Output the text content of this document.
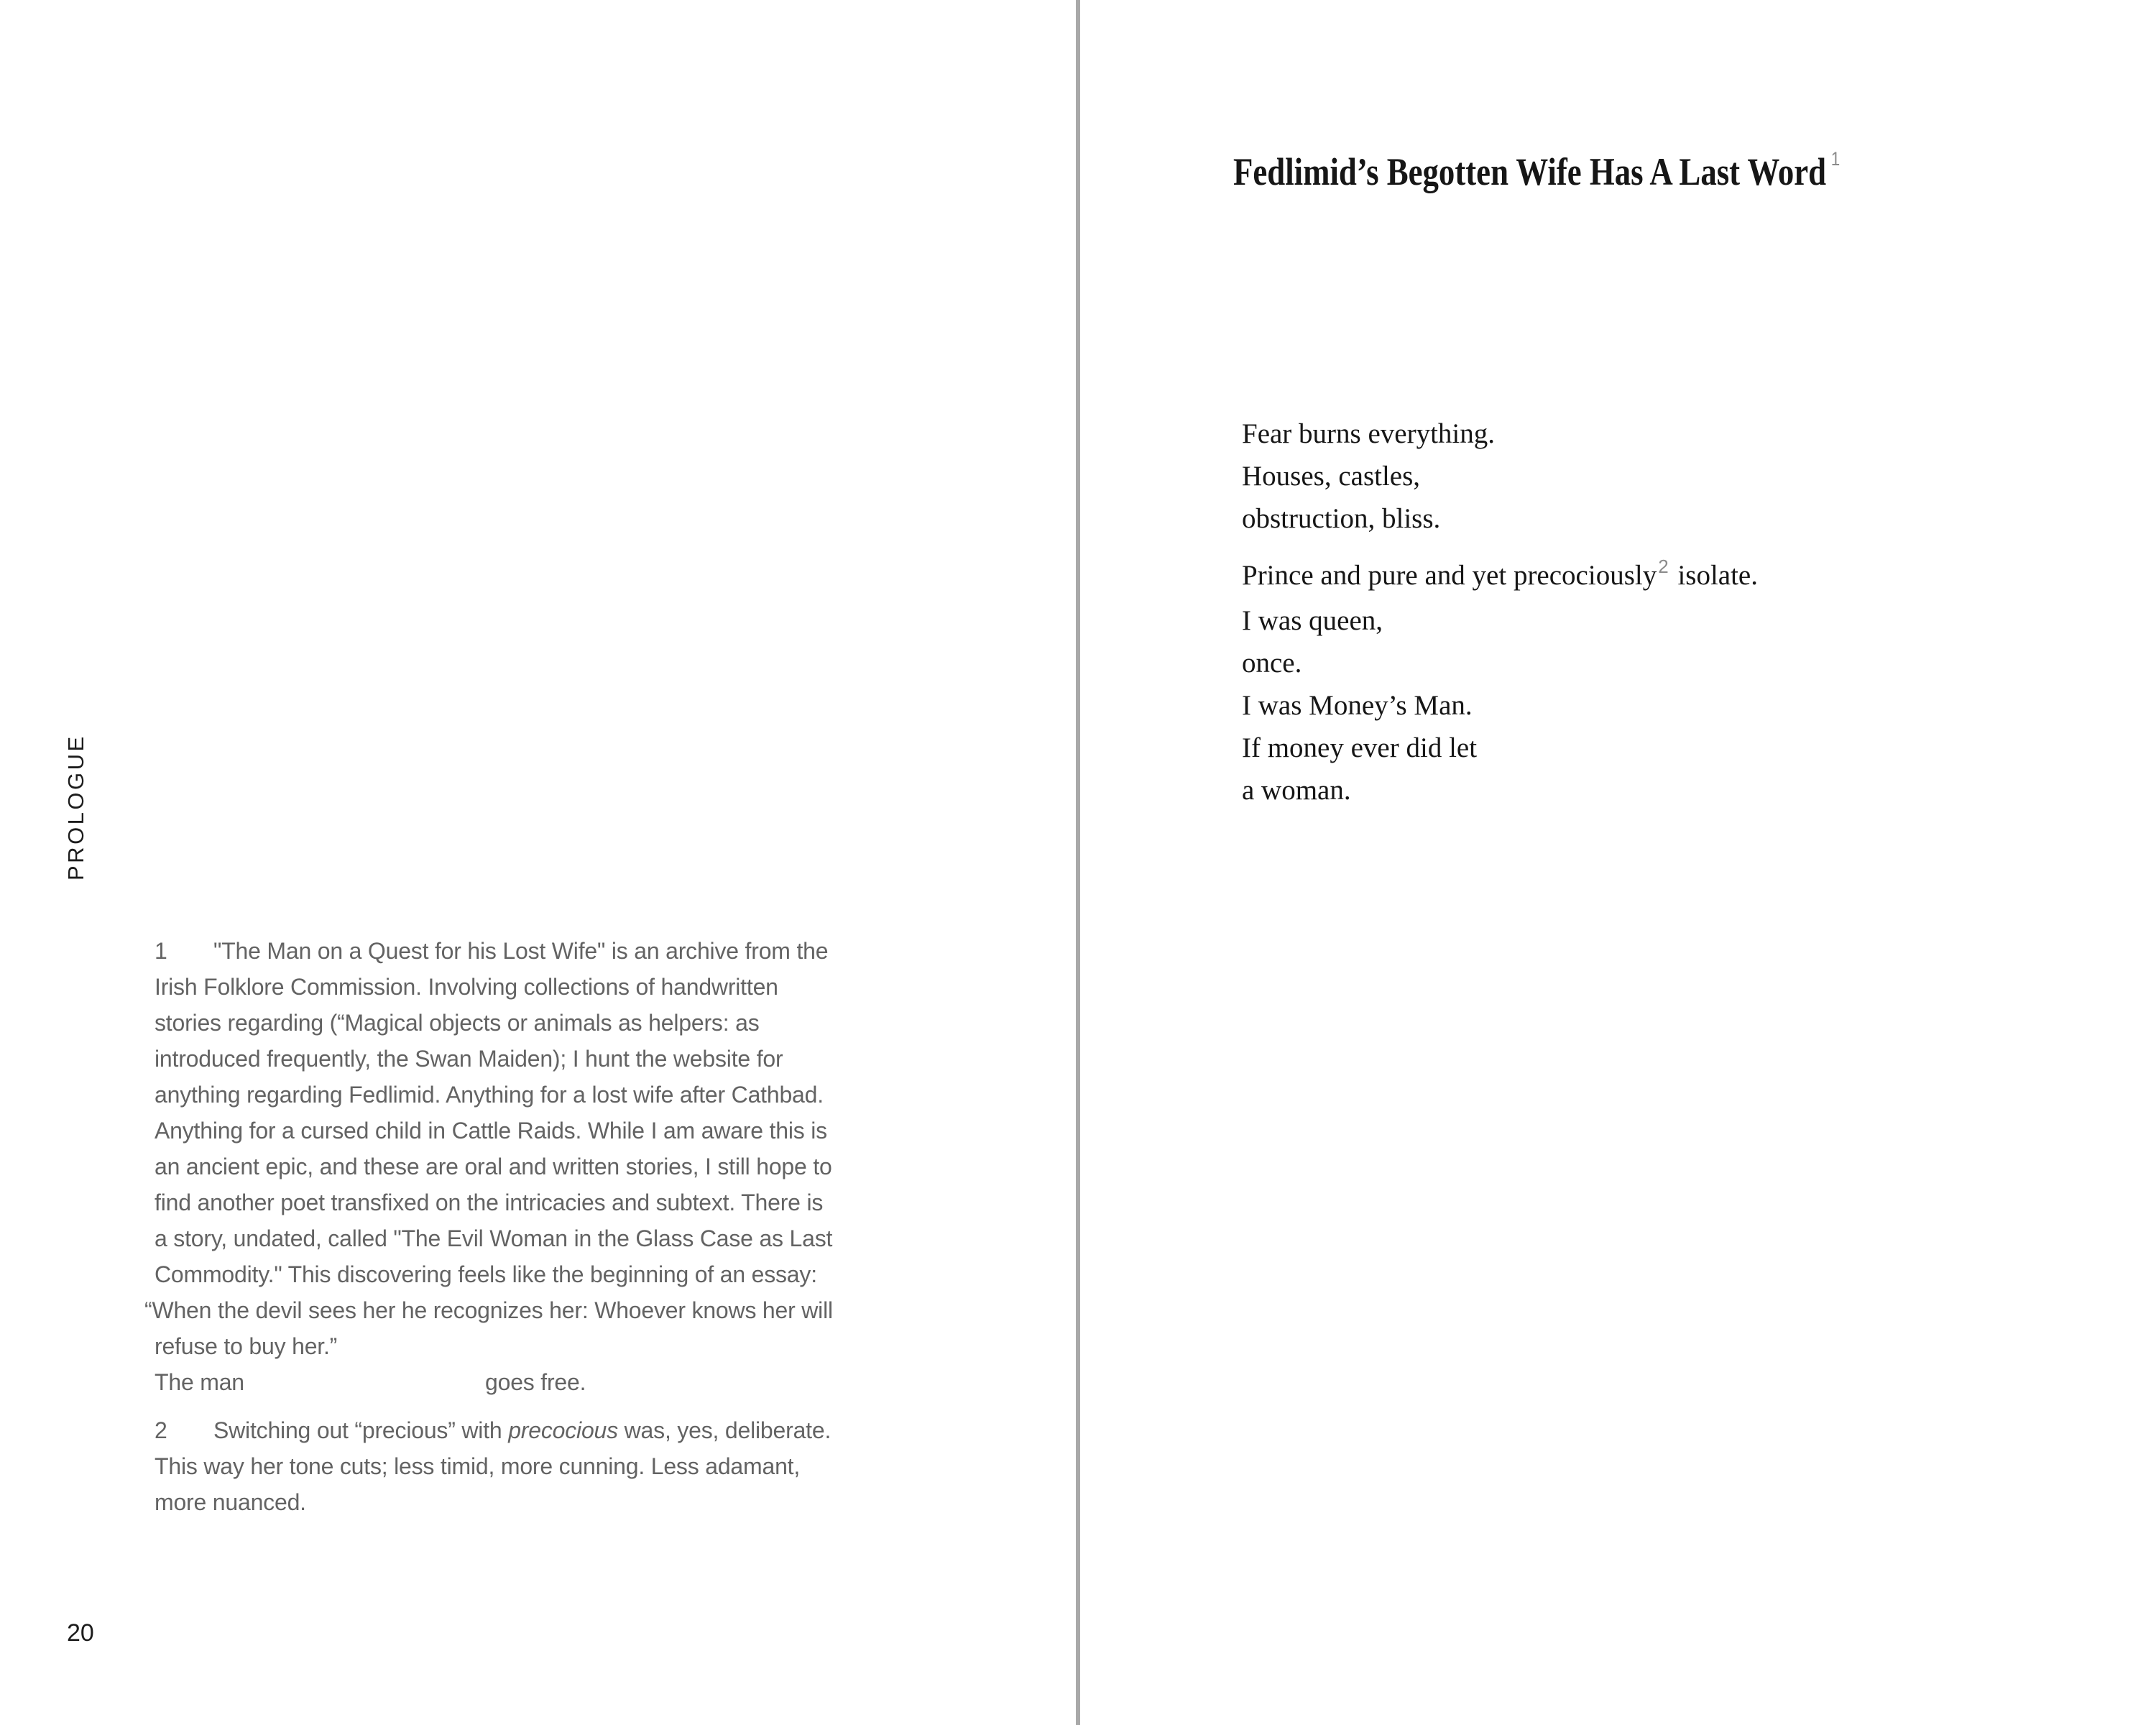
PROLOGUE
1 "The Man on a Quest for his Lost Wife" is an archive from the
Irish Folklore Commission. Involving collections of handwritten
stories regarding (“Magical objects or animals as helpers: as
introduced frequently, the Swan Maiden); I hunt the website for
anything regarding Fedlimid. Anything for a lost wife after Cathbad.
Anything for a cursed child in Cattle Raids. While I am aware this is
an ancient epic, and these are oral and written stories, I still hope to
find another poet transfixed on the intricacies and subtext. There is
a story, undated, called "The Evil Woman in the Glass Case as Last
Commodity." This discovering feels like the beginning of an essay:
“When the devil sees her he recognizes her: Whoever knows her will
refuse to buy her.”
The man	goes free.
2 Switching out “precious” with precocious was, yes, deliberate.
This way her tone cuts; less timid, more cunning. Less adamant,
more nuanced.
20
Fedlimid’s Begotten Wife Has A Last Word 1
Fear burns everything.
Houses, castles,
obstruction, bliss.
Prince and pure and yet precociously2 isolate.
I was queen,
once.
I was Money’s Man.
If money ever did let
a woman.
